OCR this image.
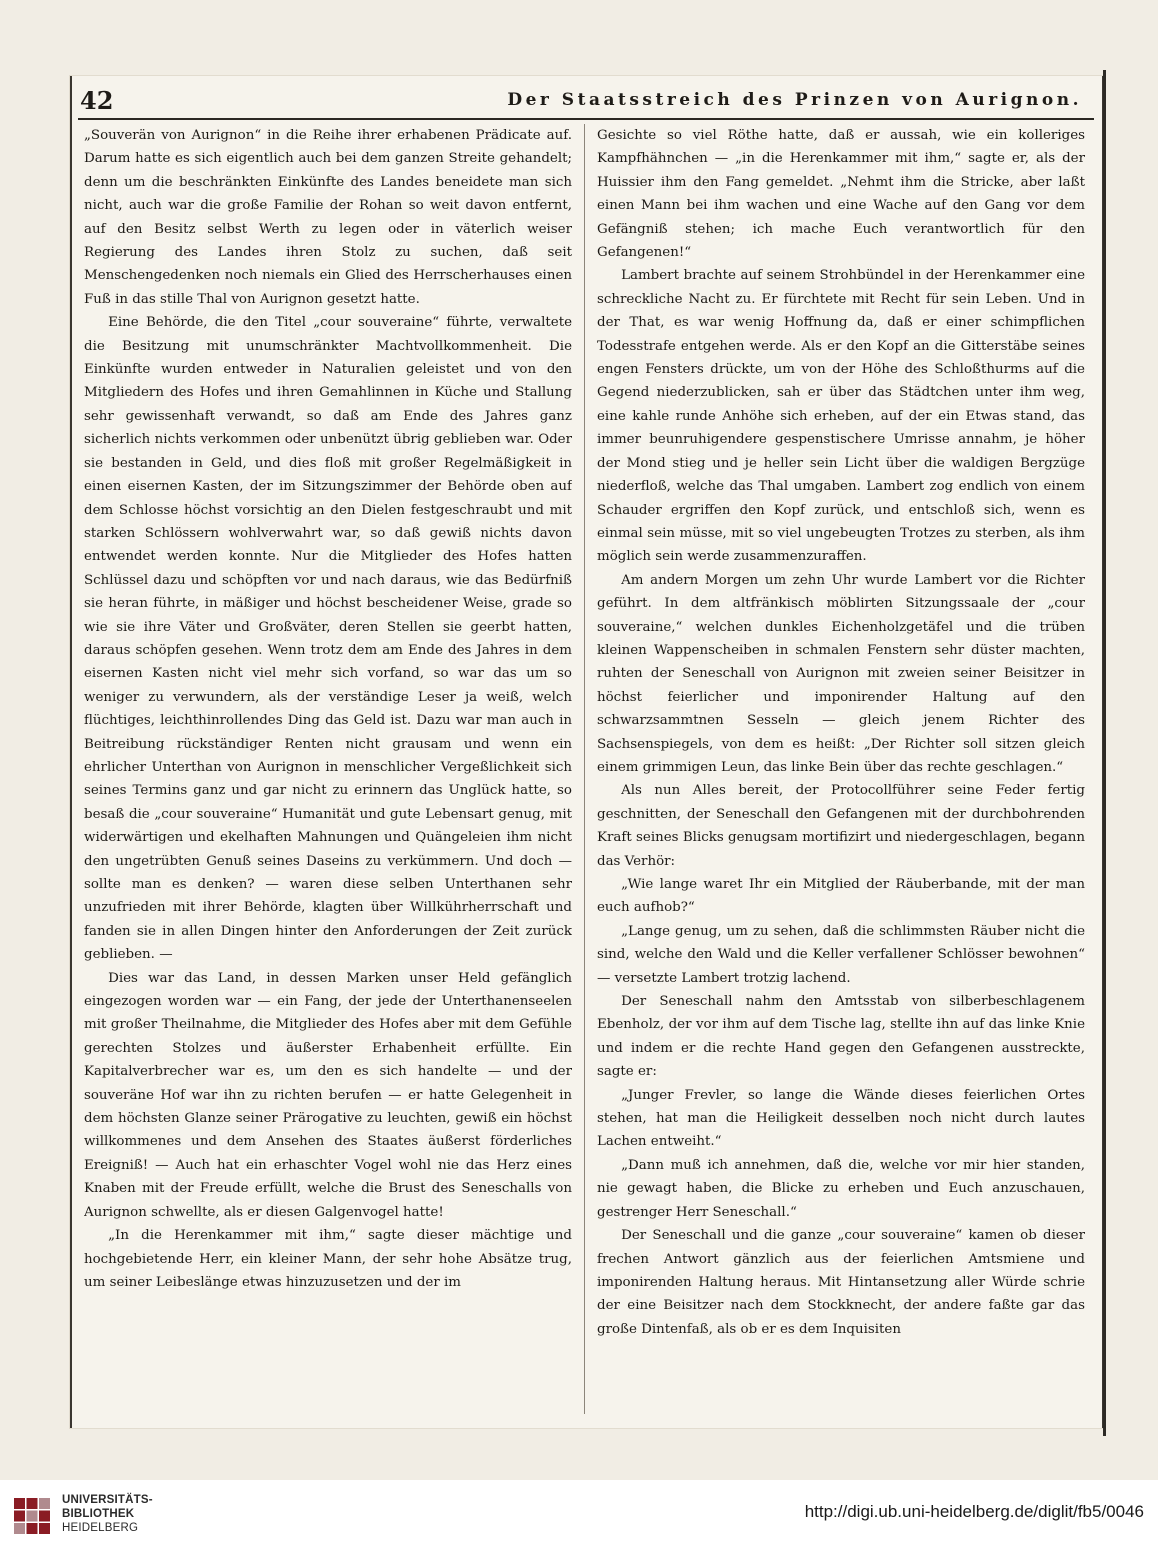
42	Der Staatsstreich des Prinzen von Aurignon.

„Souverän von Aurignon“ in die Reihe ihrer erhabenen Prädicate auf. Darum hatte es sich eigentlich auch bei dem ganzen Streite gehandelt; denn um die beschränkten Einkünfte des Landes beneidete man sich nicht, auch war die große Familie der Rohan so weit davon entfernt, auf den Besitz selbst Werth zu legen oder in väterlich weiser Regierung des Landes ihren Stolz zu suchen, daß seit Menschengedenken noch niemals ein Glied des Herrscherhauses einen Fuß in das stille Thal von Aurignon gesetzt hatte.

Eine Behörde, die den Titel „cour souveraine“ führte, verwaltete die Besitzung mit unumschränkter Machtvollkommenheit. Die Einkünfte wurden entweder in Naturalien geleistet und von den Mitgliedern des Hofes und ihren Gemahlinnen in Küche und Stallung sehr gewissenhaft verwandt, so daß am Ende des Jahres ganz sicherlich nichts verkommen oder unbenützt übrig geblieben war. Oder sie bestanden in Geld, und dies floß mit großer Regelmäßigkeit in einen eisernen Kasten, der im Sitzungszimmer der Behörde oben auf dem Schlosse höchst vorsichtig an den Dielen festgeschraubt und mit starken Schlössern wohlverwahrt war, so daß gewiß nichts davon entwendet werden konnte. Nur die Mitglieder des Hofes hatten Schlüssel dazu und schöpften vor und nach daraus, wie das Bedürfniß sie heran führte, in mäßiger und höchst bescheidener Weise, grade so wie sie ihre Väter und Großväter, deren Stellen sie geerbt hatten, daraus schöpfen gesehen. Wenn trotz dem am Ende des Jahres in dem eisernen Kasten nicht viel mehr sich vorfand, so war das um so weniger zu verwundern, als der verständige Leser ja weiß, welch flüchtiges, leichthinrollendes Ding das Geld ist. Dazu war man auch in Beitreibung rückständiger Renten nicht grausam und wenn ein ehrlicher Unterthan von Aurignon in menschlicher Vergeßlichkeit sich seines Termins ganz und gar nicht zu erinnern das Unglück hatte, so besaß die „cour souveraine“ Humanität und gute Lebensart genug, mit widerwärtigen und ekelhaften Mahnungen und Quängeleien ihm nicht den ungetrübten Genuß seines Daseins zu verkümmern. Und doch — sollte man es denken? — waren diese selben Unterthanen sehr unzufrieden mit ihrer Behörde, klagten über Willkührherrschaft und fanden sie in allen Dingen hinter den Anforderungen der Zeit zurück geblieben. —

Dies war das Land, in dessen Marken unser Held gefänglich eingezogen worden war — ein Fang, der jede der Unterthanenseelen mit großer Theilnahme, die Mitglieder des Hofes aber mit dem Gefühle gerechten Stolzes und äußerster Erhabenheit erfüllte. Ein Kapitalverbrecher war es, um den es sich handelte — und der souveräne Hof war ihn zu richten berufen — er hatte Gelegenheit in dem höchsten Glanze seiner Prärogative zu leuchten, gewiß ein höchst willkommenes und dem Ansehen des Staates äußerst förderliches Ereigniß! — Auch hat ein erhaschter Vogel wohl nie das Herz eines Knaben mit der Freude erfüllt, welche die Brust des Seneschalls von Aurignon schwellte, als er diesen Galgenvogel hatte!

„In die Herenkammer mit ihm,“ sagte dieser mächtige und hochgebietende Herr, ein kleiner Mann, der sehr hohe Absätze trug, um seiner Leibeslänge etwas hinzuzusetzen und der im

Gesichte so viel Röthe hatte, daß er aussah, wie ein kolleriges Kampfhähnchen — „in die Herenkammer mit ihm,“ sagte er, als der Huissier ihm den Fang gemeldet. „Nehmt ihm die Stricke, aber laßt einen Mann bei ihm wachen und eine Wache auf den Gang vor dem Gefängniß stehen; ich mache Euch verantwortlich für den Gefangenen!“

Lambert brachte auf seinem Strohbündel in der Herenkammer eine schreckliche Nacht zu. Er fürchtete mit Recht für sein Leben. Und in der That, es war wenig Hoffnung da, daß er einer schimpflichen Todesstrafe entgehen werde. Als er den Kopf an die Gitterstäbe seines engen Fensters drückte, um von der Höhe des Schloßthurms auf die Gegend niederzublicken, sah er über das Städtchen unter ihm weg, eine kahle runde Anhöhe sich erheben, auf der ein Etwas stand, das immer beunruhigendere gespenstischere Umrisse annahm, je höher der Mond stieg und je heller sein Licht über die waldigen Bergzüge niederfloß, welche das Thal umgaben. Lambert zog endlich von einem Schauder ergriffen den Kopf zurück, und entschloß sich, wenn es einmal sein müsse, mit so viel ungebeugten Trotzes zu sterben, als ihm möglich sein werde zusammenzuraffen.

Am andern Morgen um zehn Uhr wurde Lambert vor die Richter geführt. In dem altfränkisch möblirten Sitzungssaale der „cour souveraine,“ welchen dunkles Eichenholzgetäfel und die trüben kleinen Wappenscheiben in schmalen Fenstern sehr düster machten, ruhten der Seneschall von Aurignon mit zweien seiner Beisitzer in höchst feierlicher und imponirender Haltung auf den schwarzsammtnen Sesseln — gleich jenem Richter des Sachsenspiegels, von dem es heißt: „Der Richter soll sitzen gleich einem grimmigen Leun, das linke Bein über das rechte geschlagen.“

Als nun Alles bereit, der Protocollführer seine Feder fertig geschnitten, der Seneschall den Gefangenen mit der durchbohrenden Kraft seines Blicks genugsam mortifizirt und niedergeschlagen, begann das Verhör:

„Wie lange waret Ihr ein Mitglied der Räuberbande, mit der man euch aufhob?“

„Lange genug, um zu sehen, daß die schlimmsten Räuber nicht die sind, welche den Wald und die Keller verfallener Schlösser bewohnen“ — versetzte Lambert trotzig lachend.

Der Seneschall nahm den Amtsstab von silberbeschlagenem Ebenholz, der vor ihm auf dem Tische lag, stellte ihn auf das linke Knie und indem er die rechte Hand gegen den Gefangenen ausstreckte, sagte er:

„Junger Frevler, so lange die Wände dieses feierlichen Ortes stehen, hat man die Heiligkeit desselben noch nicht durch lautes Lachen entweiht.“

„Dann muß ich annehmen, daß die, welche vor mir hier standen, nie gewagt haben, die Blicke zu erheben und Euch anzuschauen, gestrenger Herr Seneschall.“

Der Seneschall und die ganze „cour souveraine“ kamen ob dieser frechen Antwort gänzlich aus der feierlichen Amtsmiene und imponirenden Haltung heraus. Mit Hintansetzung aller Würde schrie der eine Beisitzer nach dem Stockknecht, der andere faßte gar das große Dintenfaß, als ob er es dem Inquisiten

UNIVERSITÄTS-
BIBLIOTHEK
HEIDELBERG
http://digi.ub.uni-heidelberg.de/diglit/fb5/0046
